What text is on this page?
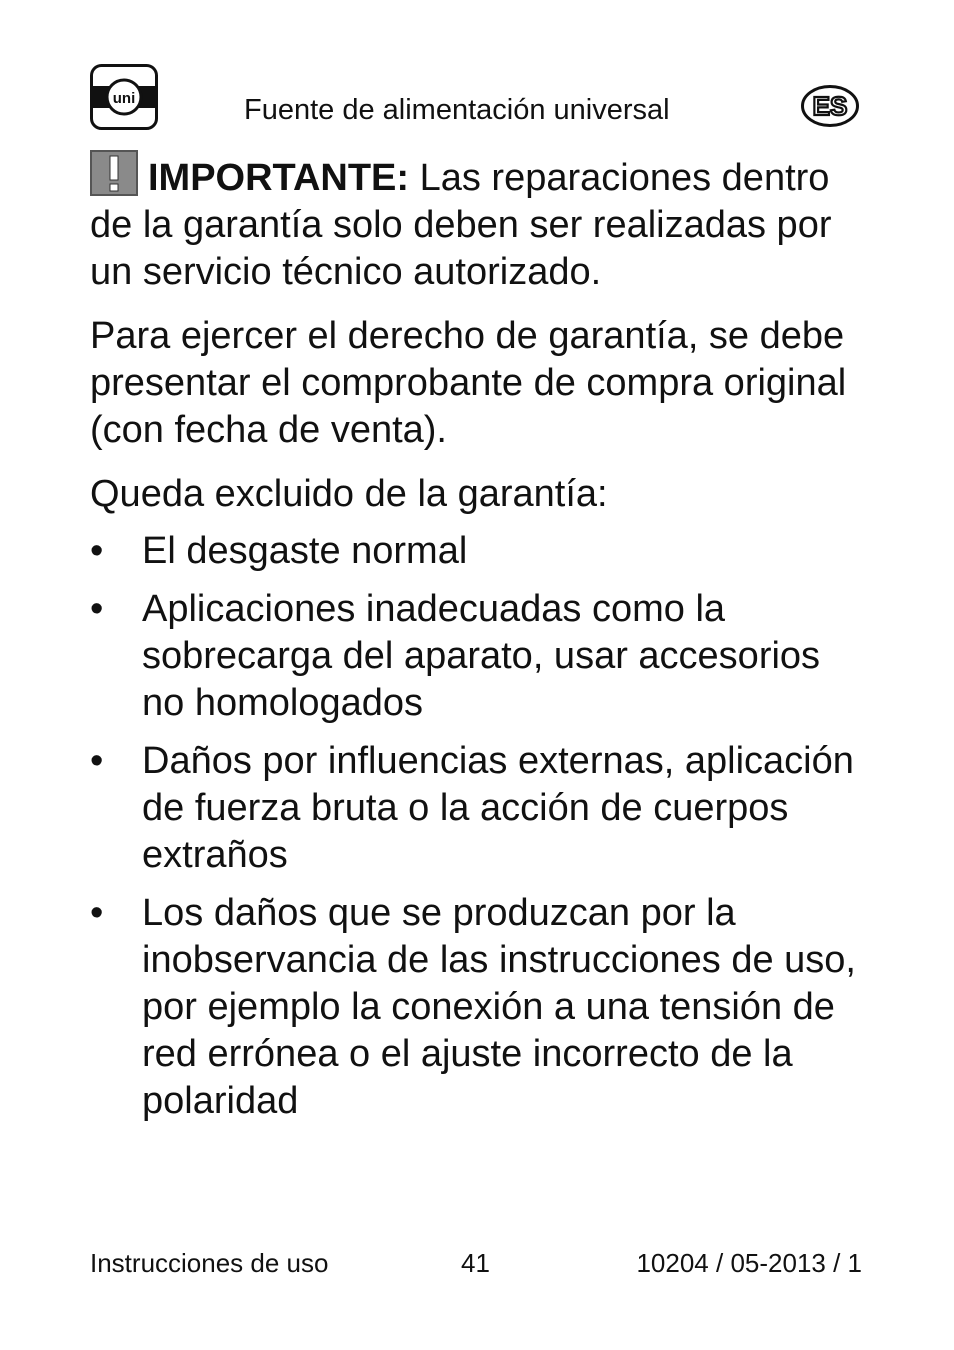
uni	Fuente de alimentación universal	ES

IMPORTANTE: Las reparaciones dentro de la garantía solo deben ser realizadas por un servicio técnico autorizado.

Para ejercer el derecho de garantía, se debe presentar el comprobante de compra original (con fecha de venta).

Queda excluido de la garantía:

• El desgaste normal
• Aplicaciones inadecuadas como la sobrecarga del aparato, usar accesorios no homologados
• Daños por influencias externas, aplicación de fuerza bruta o la acción de cuerpos extraños
• Los daños que se produzcan por la inobservancia de las instrucciones de uso, por ejemplo la conexión a una tensión de red errónea o el ajuste incorrecto de la polaridad
Instrucciones de uso	41	10204 / 05-2013 / 1
